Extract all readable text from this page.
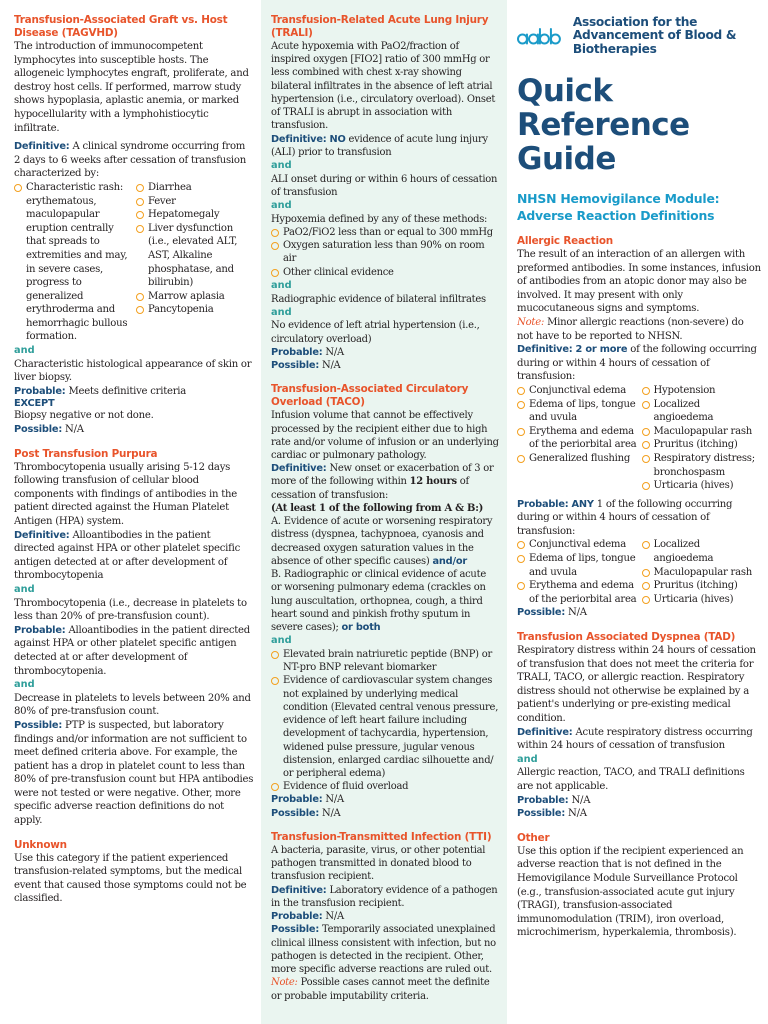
Transfusion-Associated Graft vs. Host Disease (TAGVHD)

The introduction of immunocompetent lymphocytes into susceptible hosts. The allogeneic lymphocytes engraft, proliferate, and destroy host cells. If performed, marrow study shows hypoplasia, aplastic anemia, or marked hypocellularity with a lymphohistiocytic infiltrate.

Definitive: A clinical syndrome occurring from 2 days to 6 weeks after cessation of transfusion characterized by:

Characteristic rash: erythematous, maculopapular eruption centrally that spreads to extremities and may, in severe cases, progress to generalized erythroderma and hemorrhagic bullous formation.
Diarrhea
Fever
Hepatomegaly
Liver dysfunction (i.e., elevated ALT, AST, Alkaline phosphatase, and bilirubin)
Marrow aplasia
Pancytopenia
and

Characteristic histological appearance of skin or liver biopsy.

Probable: Meets definitive criteria

EXCEPT

Biopsy negative or not done.

Possible: N/A

Post Transfusion Purpura

Thrombocytopenia usually arising 5-12 days following transfusion of cellular blood components with findings of antibodies in the patient directed against the Human Platelet Antigen (HPA) system.

Definitive: Alloantibodies in the patient directed against HPA or other platelet specific antigen detected at or after development of thrombocytopenia

and

Thrombocytopenia (i.e., decrease in platelets to less than 20% of pre-transfusion count).

Probable: Alloantibodies in the patient directed against HPA or other platelet specific antigen detected at or after development of thrombocytopenia.

and

Decrease in platelets to levels between 20% and 80% of pre-transfusion count.

Possible: PTP is suspected, but laboratory findings and/or information are not sufficient to meet defined criteria above. For example, the patient has a drop in platelet count to less than 80% of pre-transfusion count but HPA antibodies were not tested or were negative. Other, more specific adverse reaction definitions do not apply.

Unknown

Use this category if the patient experienced transfusion-related symptoms, but the medical event that caused those symptoms could not be classified.

Transfusion-Related Acute Lung Injury (TRALI)

Acute hypoxemia with PaO2/fraction of inspired oxygen [FIO2] ratio of 300 mmHg or less combined with chest x-ray showing bilateral infiltrates in the absence of left atrial hypertension (i.e., circulatory overload). Onset of TRALI is abrupt in association with transfusion.

Definitive: NO evidence of acute lung injury (ALI) prior to transfusion

and

ALI onset during or within 6 hours of cessation of transfusion

and

Hypoxemia defined by any of these methods:

PaO2/FiO2 less than or equal to 300 mmHg
Oxygen saturation less than 90% on room air
Other clinical evidence
and

Radiographic evidence of bilateral infiltrates

and

No evidence of left atrial hypertension (i.e., circulatory overload)

Probable: N/A

Possible: N/A

Transfusion-Associated Circulatory Overload (TACO)

Infusion volume that cannot be effectively processed by the recipient either due to high rate and/or volume of infusion or an underlying cardiac or pulmonary pathology.

Definitive: New onset or exacerbation of 3 or more of the following within 12 hours of cessation of transfusion:

(At least 1 of the following from A & B:)

A. Evidence of acute or worsening respiratory distress (dyspnea, tachypnoea, cyanosis and decreased oxygen saturation values in the absence of other specific causes) and/or

B. Radiographic or clinical evidence of acute or worsening pulmonary edema (crackles on lung auscultation, orthopnea, cough, a third heart sound and pinkish frothy sputum in severe cases); or both

and
Elevated brain natriuretic peptide (BNP) or NT-pro BNP relevant biomarker
Evidence of cardiovascular system changes not explained by underlying medical condition (Elevated central venous pressure, evidence of left heart failure including development of tachycardia, hypertension, widened pulse pressure, jugular venous distension, enlarged cardiac silhouette and/ or peripheral edema)
Evidence of fluid overload

Probable: N/A

Possible: N/A

Transfusion-Transmitted Infection (TTI)

A bacteria, parasite, virus, or other potential pathogen transmitted in donated blood to transfusion recipient.

Definitive: Laboratory evidence of a pathogen in the transfusion recipient.

Probable: N/A

Possible: Temporarily associated unexplained clinical illness consistent with infection, but no pathogen is detected in the recipient. Other, more specific adverse reactions are ruled out.

Note: Possible cases cannot meet the definite or probable imputability criteria.

Association for the Advancement of Blood & Biotherapies
Quick
Reference
Guide
NHSN Hemovigilance Module: Adverse Reaction Definitions
Allergic Reaction

The result of an interaction of an allergen with preformed antibodies. In some instances, infusion of antibodies from an atopic donor may also be involved. It may present with only mucocutaneous signs and symptoms.

Note: Minor allergic reactions (non-severe) do not have to be reported to NHSN.

Definitive: 2 or more of the following occurring during or within 4 hours of cessation of transfusion:

Conjunctival edema
Edema of lips, tongue and uvula
Erythema and edema of the periorbital area
Generalized flushing
Hypotension
Localized angioedema
Maculopapular rash
Pruritus (itching)
Respiratory distress; bronchospasm
Urticaria (hives)

Probable: ANY 1 of the following occurring during or within 4 hours of cessation of transfusion:

Conjunctival edema
Edema of lips, tongue and uvula
Erythema and edema of the periorbital area
Localized angioedema
Maculopapular rash
Pruritus (itching)
Urticaria (hives)

Possible: N/A

Transfusion Associated Dyspnea (TAD)

Respiratory distress within 24 hours of cessation of transfusion that does not meet the criteria for TRALI, TACO, or allergic reaction. Respiratory distress should not otherwise be explained by a patient's underlying or pre-existing medical condition.

Definitive: Acute respiratory distress occurring within 24 hours of cessation of transfusion

and

Allergic reaction, TACO, and TRALI definitions are not applicable.

Probable: N/A

Possible: N/A

Other

Use this option if the recipient experienced an adverse reaction that is not defined in the Hemovigilance Module Surveillance Protocol (e.g., transfusion-associated acute gut injury (TRAGI), transfusion-associated immunomodulation (TRIM), iron overload, microchimerism, hyperkalemia, thrombosis).
